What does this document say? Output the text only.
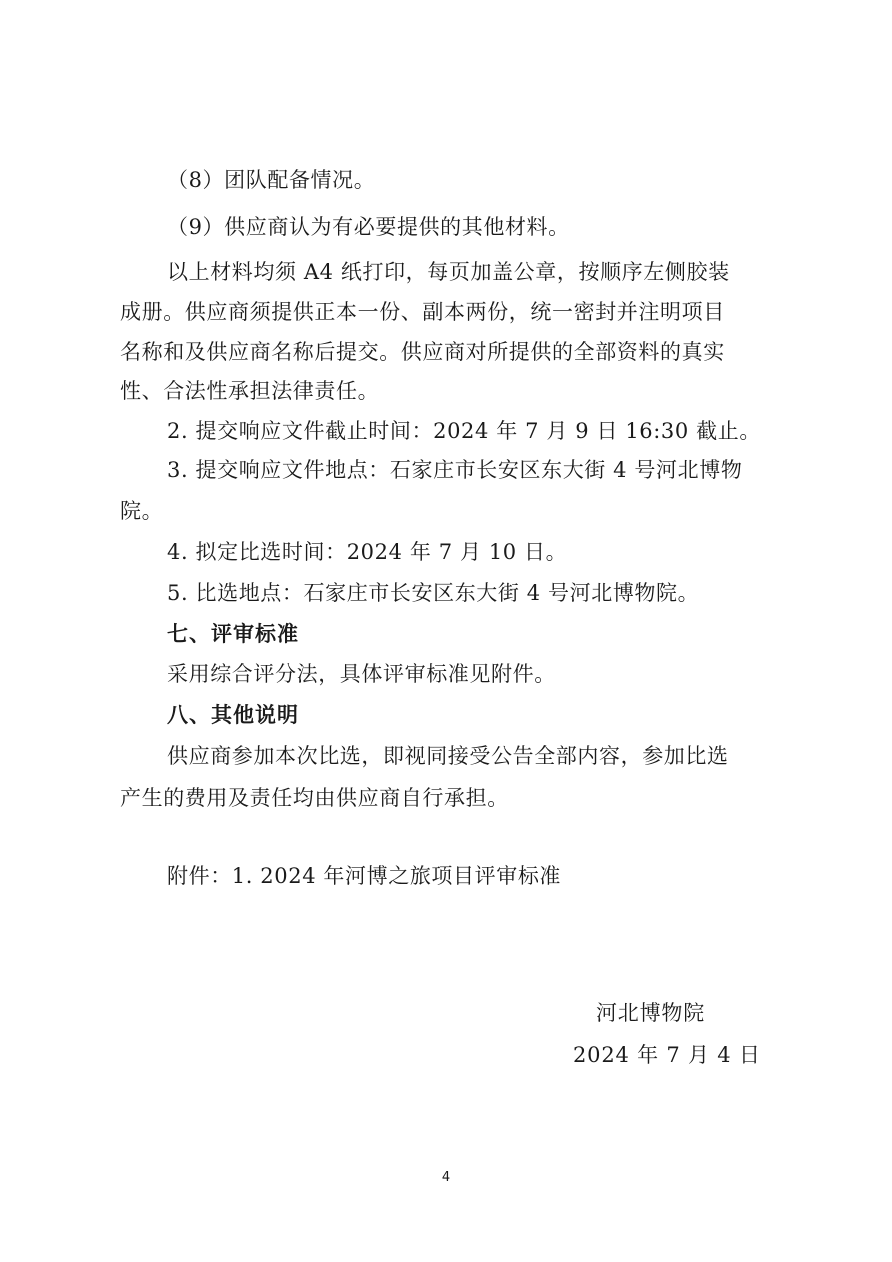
（8）团队配备情况。
（9）供应商认为有必要提供的其他材料。
以上材料均须 A4 纸打印，每页加盖公章，按顺序左侧胶装
成册。供应商须提供正本一份、副本两份，统一密封并注明项目
名称和及供应商名称后提交。供应商对所提供的全部资料的真实
性、合法性承担法律责任。
2. 提交响应文件截止时间：2024 年 7 月 9 日 16:30 截止。
3. 提交响应文件地点：石家庄市长安区东大街 4 号河北博物
院。
4. 拟定比选时间：2024 年 7 月 10 日。
5. 比选地点：石家庄市长安区东大街 4 号河北博物院。
七、评审标准
采用综合评分法，具体评审标准见附件。
八、其他说明
供应商参加本次比选，即视同接受公告全部内容，参加比选
产生的费用及责任均由供应商自行承担。
附件：1. 2024 年河博之旅项目评审标准
河北博物院
2024 年 7 月 4 日
4
